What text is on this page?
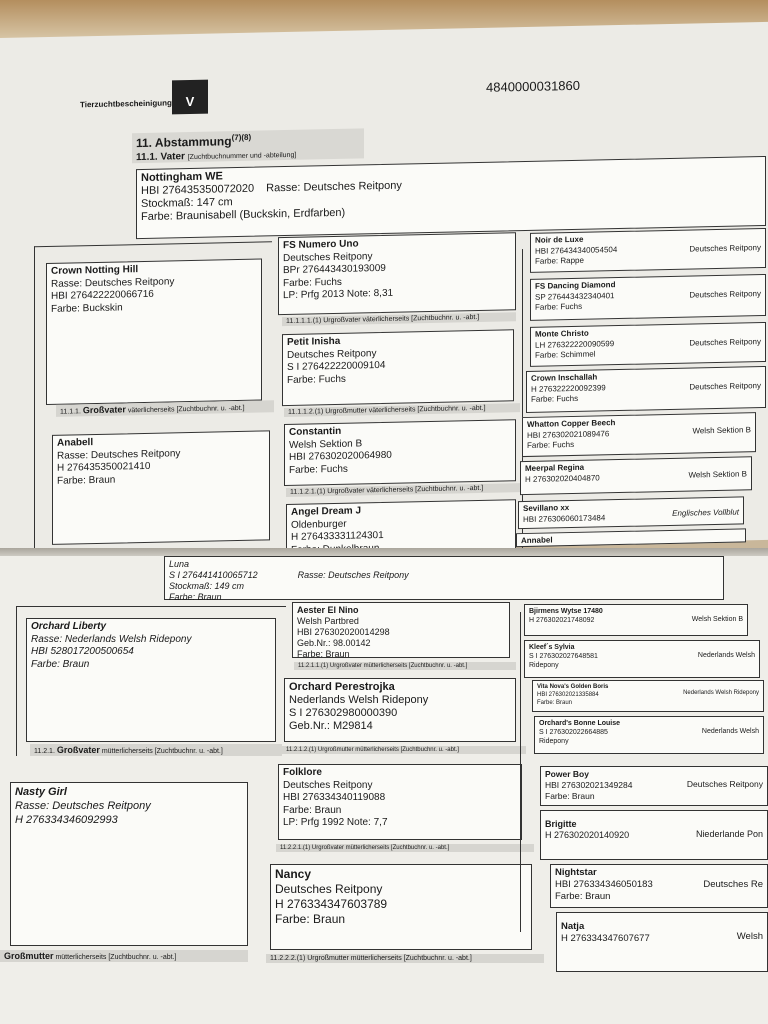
Tierzuchtbescheinigung	V
4840000031860
11. Abstammung$^{(7)(8)}$
11.1. Vater [Zuchtbuchnummer und -abteilung]
Nottingham WE
HBI 276435350072020 Rasse: Deutsches Reitpony
Stockmaß: 147 cm
Farbe: Braunisabell (Buckskin, Erdfarben)
Crown Notting Hill
Rasse: Deutsches Reitpony
HBI 276422220066716
Farbe: Buckskin
11.1.1. Großvater väterlicherseits [Zuchtbuchnr. u. -abt.]
Anabell
Rasse: Deutsches Reitpony
H 276435350021410
Farbe: Braun
FS Numero Uno
Deutsches Reitpony
BPr 276443430193009
Farbe: Fuchs
LP: Prfg 2013 Note: 8,31
11.1.1.1.(1) Urgroßvater väterlicherseits [Zuchtbuchnr. u. -abt.]
Petit Inisha
Deutsches Reitpony
S I 276422220009104
Farbe: Fuchs
11.1.1.2.(1) Urgroßmutter väterlicherseits [Zuchtbuchnr. u. -abt.]
Constantin
Welsh Sektion B
HBI 276302020064980
Farbe: Fuchs
11.1.2.1.(1) Urgroßvater väterlicherseits [Zuchtbuchnr. u. -abt.]
Angel Dream J
Oldenburger
H 276433331124301
Noir de Luxe
HBI 276434340054504
Farbe: Rappe
Deutsches Reitpony
FS Dancing Diamond
SP 276443432340401
Farbe: Fuchs
Deutsches Reitpony
Monte Christo
LH 276322220090599
Farbe: Schimmel
Deutsches Reitpony
Crown Inschallah
H 276322220092399
Farbe: Fuchs
Deutsches Reitpony
Whatton Copper Beech
HBI 276302021089476
Farbe: Fuchs
Welsh Sektion B
Meerpal Regina
H 276302020404870	Welsh Sektion B
Sevillano xx
HBI 276306060173484
Englisches Vollblut
Annabel
Luna
S I 276441410065712	Rasse: Deutsches Reitpony
Stockmaß: 149 cm
Farbe: Braun
Orchard Liberty
Rasse: Nederlands Welsh Ridepony
HBI 528017200500654
Farbe: Braun
11.2.1. Großvater mütterlicherseits [Zuchtbuchnr. u. -abt.]
Nasty Girl
Rasse: Deutsches Reitpony
H 276334346092993
Großmutter mütterlicherseits [Zuchtbuchnr. u. -abt.]
Aester El Nino
Welsh Partbred
HBI 276302020014298
Geb.Nr.: 98.00142
Farbe: Braun
11.2.1.1.(1) Urgroßvater mütterlicherseits [Zuchtbuchnr. u. -abt.]
Orchard Perestrojka
Nederlands Welsh Ridepony
S I 276302980000390
Geb.Nr.: M29814
11.2.1.2.(1) Urgroßmutter mütterlicherseits [Zuchtbuchnr. u. -abt.]
Folklore
Deutsches Reitpony
HBI 276334340119088
Farbe: Braun
LP: Prfg 1992 Note: 7,7
11.2.2.1.(1) Urgroßvater mütterlicherseits [Zuchtbuchnr. u. -abt.]
Nancy
Deutsches Reitpony
H 276334347603789
Farbe: Braun
11.2.2.2.(1) Urgroßmutter mütterlicherseits [Zuchtbuchnr. u. -abt.]
Bjirmens Wytse 17480
H 276302021748092	Welsh Sektion B
Kleef´s Sylvia
S I 276302027648581
Ridepony
Nederlands Welsh
Vita Nova's Golden Boris
HBI 276302021335884
Farbe: Braun
Nederlands Welsh Ridepony
Orchard's Bonne Louise
S I 276302022664885
Ridepony
Nederlands Welsh
Power Boy
HBI 276302021349284
Farbe: Braun
Deutsches Reitpony
Brigitte
H 276302020140920	Niederlande Pon
Nightstar
HBI 276334346050183
Farbe: Braun
Deutsches Re
Natja
H 276334347607677	Welsh
